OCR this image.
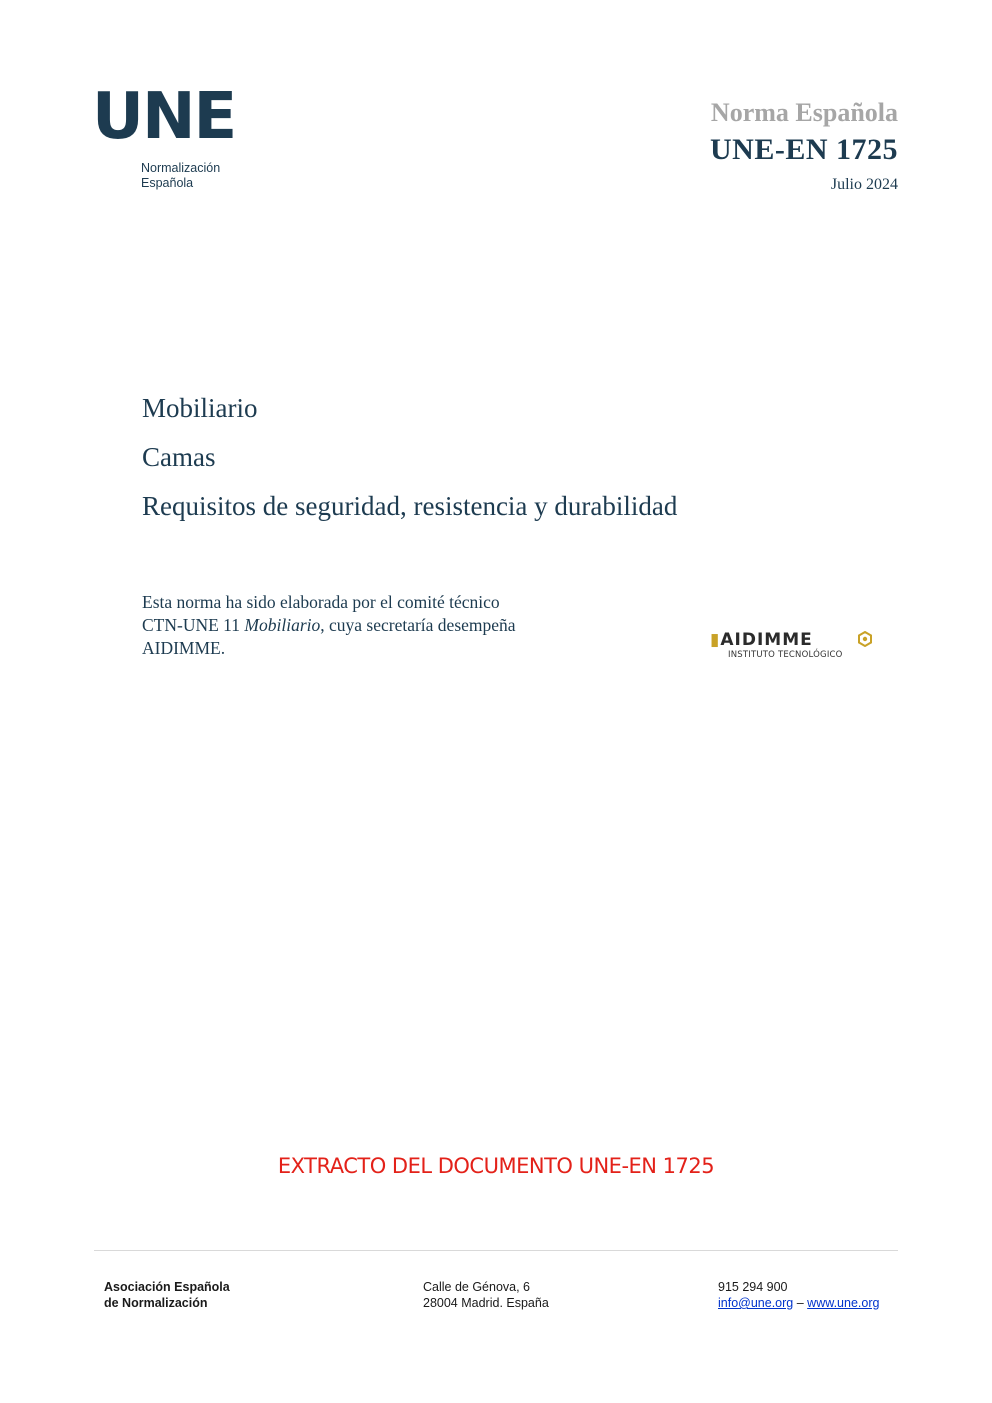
UNE
Normalización
Española
Norma Española
UNE-EN 1725
Julio 2024
Mobiliario
Camas
Requisitos de seguridad, resistencia y durabilidad
Esta norma ha sido elaborada por el comité técnico
CTN-UNE 11 Mobiliario, cuya secretaría desempeña
AIDIMME.	▮AIDIMME
INSTITUTO TECNOLÓGICO
EXTRACTO DEL DOCUMENTO UNE-EN 1725
Asociación Española
de Normalización
Calle de Génova, 6
28004 Madrid. España
915 294 900
info@une.org – www.une.org
